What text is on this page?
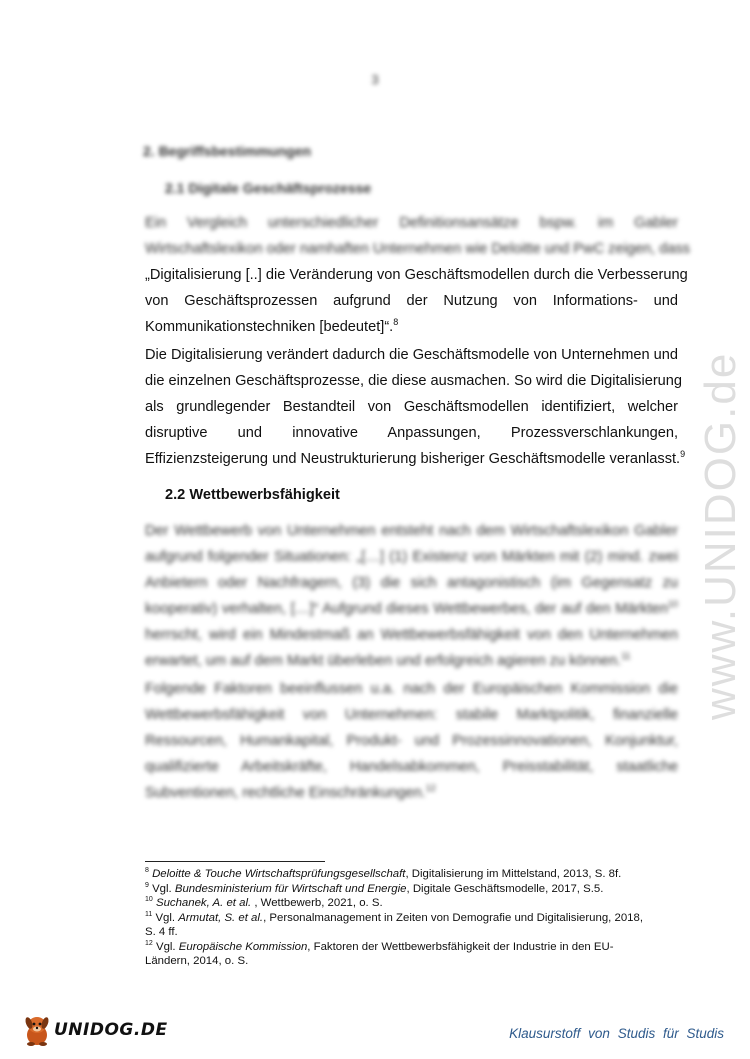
3
www.UNIDOG.de
2. Begriffsbestimmungen
2.1 Digitale Geschäftsprozesse
Ein Vergleich unterschiedlicher Definitionsansätze bspw. im Gabler
Wirtschaftslexikon oder namhaften Unternehmen wie Deloitte und PwC zeigen, dass
„Digitalisierung [..] die Veränderung von Geschäftsmodellen durch die Verbesserung
von Geschäftsprozessen aufgrund der Nutzung von Informations- und
Kommunikationstechniken [bedeutet]“.$^8$
Die Digitalisierung verändert dadurch die Geschäftsmodelle von Unternehmen und
die einzelnen Geschäftsprozesse, die diese ausmachen. So wird die Digitalisierung
als grundlegender Bestandteil von Geschäftsmodellen identifiziert, welcher
disruptive und innovative Anpassungen, Prozessverschlankungen,
Effizienzsteigerung und Neustrukturierung bisheriger Geschäftsmodelle veranlasst.$^9$
2.2 Wettbewerbsfähigkeit
Der Wettbewerb von Unternehmen entsteht nach dem Wirtschaftslexikon Gabler
aufgrund folgender Situationen: „[…] (1) Existenz von Märkten mit (2) mind. zwei
Anbietern oder Nachfragern, (3) die sich antagonistisch (im Gegensatz zu
kooperativ) verhalten, […]“ Aufgrund dieses Wettbewerbes, der auf den Märkten$^{10}$
herrscht, wird ein Mindestmaß an Wettbewerbsfähigkeit von den Unternehmen
erwartet, um auf dem Markt überleben und erfolgreich agieren zu können.$^{11}$
Folgende Faktoren beeinflussen u.a. nach der Europäischen Kommission die
Wettbewerbsfähigkeit von Unternehmen: stabile Marktpolitik, finanzielle
Ressourcen, Humankapital, Produkt- und Prozessinnovationen, Konjunktur,
qualifizierte Arbeitskräfte, Handelsabkommen, Preisstabilität, staatliche
Subventionen, rechtliche Einschränkungen.$^{12}$
$^8$ Deloitte & Touche Wirtschaftsprüfungsgesellschaft, Digitalisierung im Mittelstand, 2013, S. 8f.
$^9$ Vgl. Bundesministerium für Wirtschaft und Energie, Digitale Geschäftsmodelle, 2017, S.5.
$^{10}$ Suchanek, A. et al. , Wettbewerb, 2021, o. S.
$^{11}$ Vgl. Armutat, S. et al., Personalmanagement in Zeiten von Demografie und Digitalisierung, 2018,
S. 4 ff.
$^{12}$ Vgl. Europäische Kommission, Faktoren der Wettbewerbsfähigkeit der Industrie in den EU-
Ländern, 2014, o. S.
UNIDOG.DE	Klausurstoff von Studis für Studis
